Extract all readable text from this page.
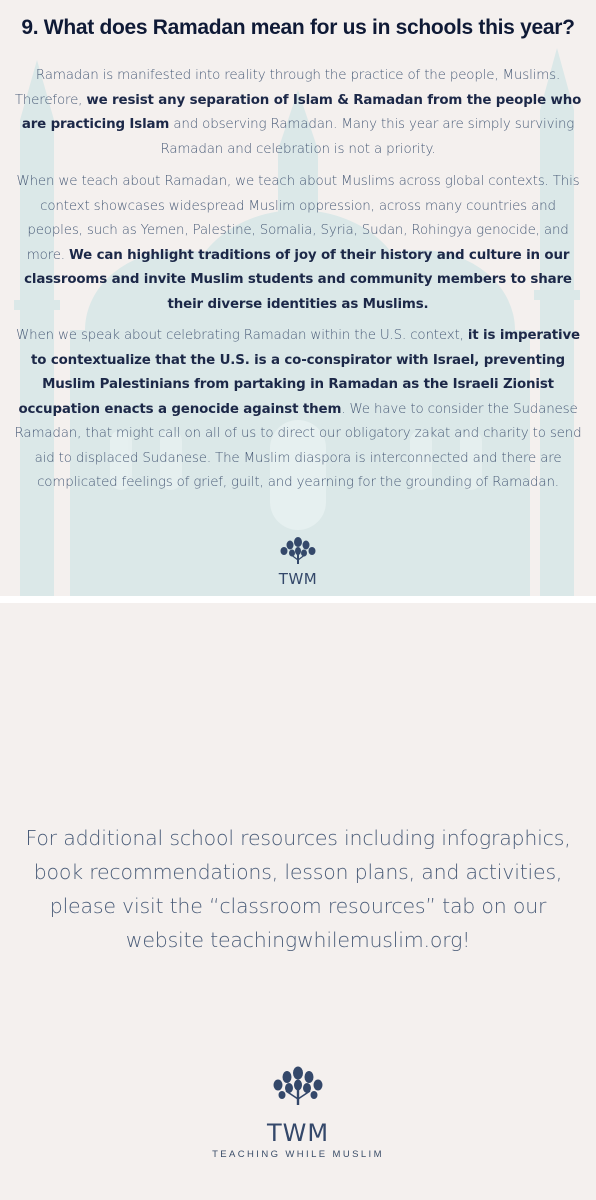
9. What does Ramadan mean for us in schools this year?

Ramadan is manifested into reality through the practice of the people, Muslims. Therefore, we resist any separation of Islam & Ramadan from the people who are practicing Islam and observing Ramadan. Many this year are simply surviving Ramadan and celebration is not a priority.

When we teach about Ramadan, we teach about Muslims across global contexts. This context showcases widespread Muslim oppression, across many countries and peoples, such as Yemen, Palestine, Somalia, Syria, Sudan, Rohingya genocide, and more. We can highlight traditions of joy of their history and culture in our classrooms and invite Muslim students and community members to share their diverse identities as Muslims.

When we speak about celebrating Ramadan within the U.S. context, it is imperative to contextualize that the U.S. is a co-conspirator with Israel, preventing Muslim Palestinians from partaking in Ramadan as the Israeli Zionist occupation enacts a genocide against them. We have to consider the Sudanese Ramadan, that might call on all of us to direct our obligatory zakat and charity to send aid to displaced Sudanese. The Muslim diaspora is interconnected and there are complicated feelings of grief, guilt, and yearning for the grounding of Ramadan.

TWM

For additional school resources including infographics, book recommendations, lesson plans, and activities, please visit the “classroom resources” tab on our website teachingwhilemuslim.org!

TWM
TEACHING WHILE MUSLIM
